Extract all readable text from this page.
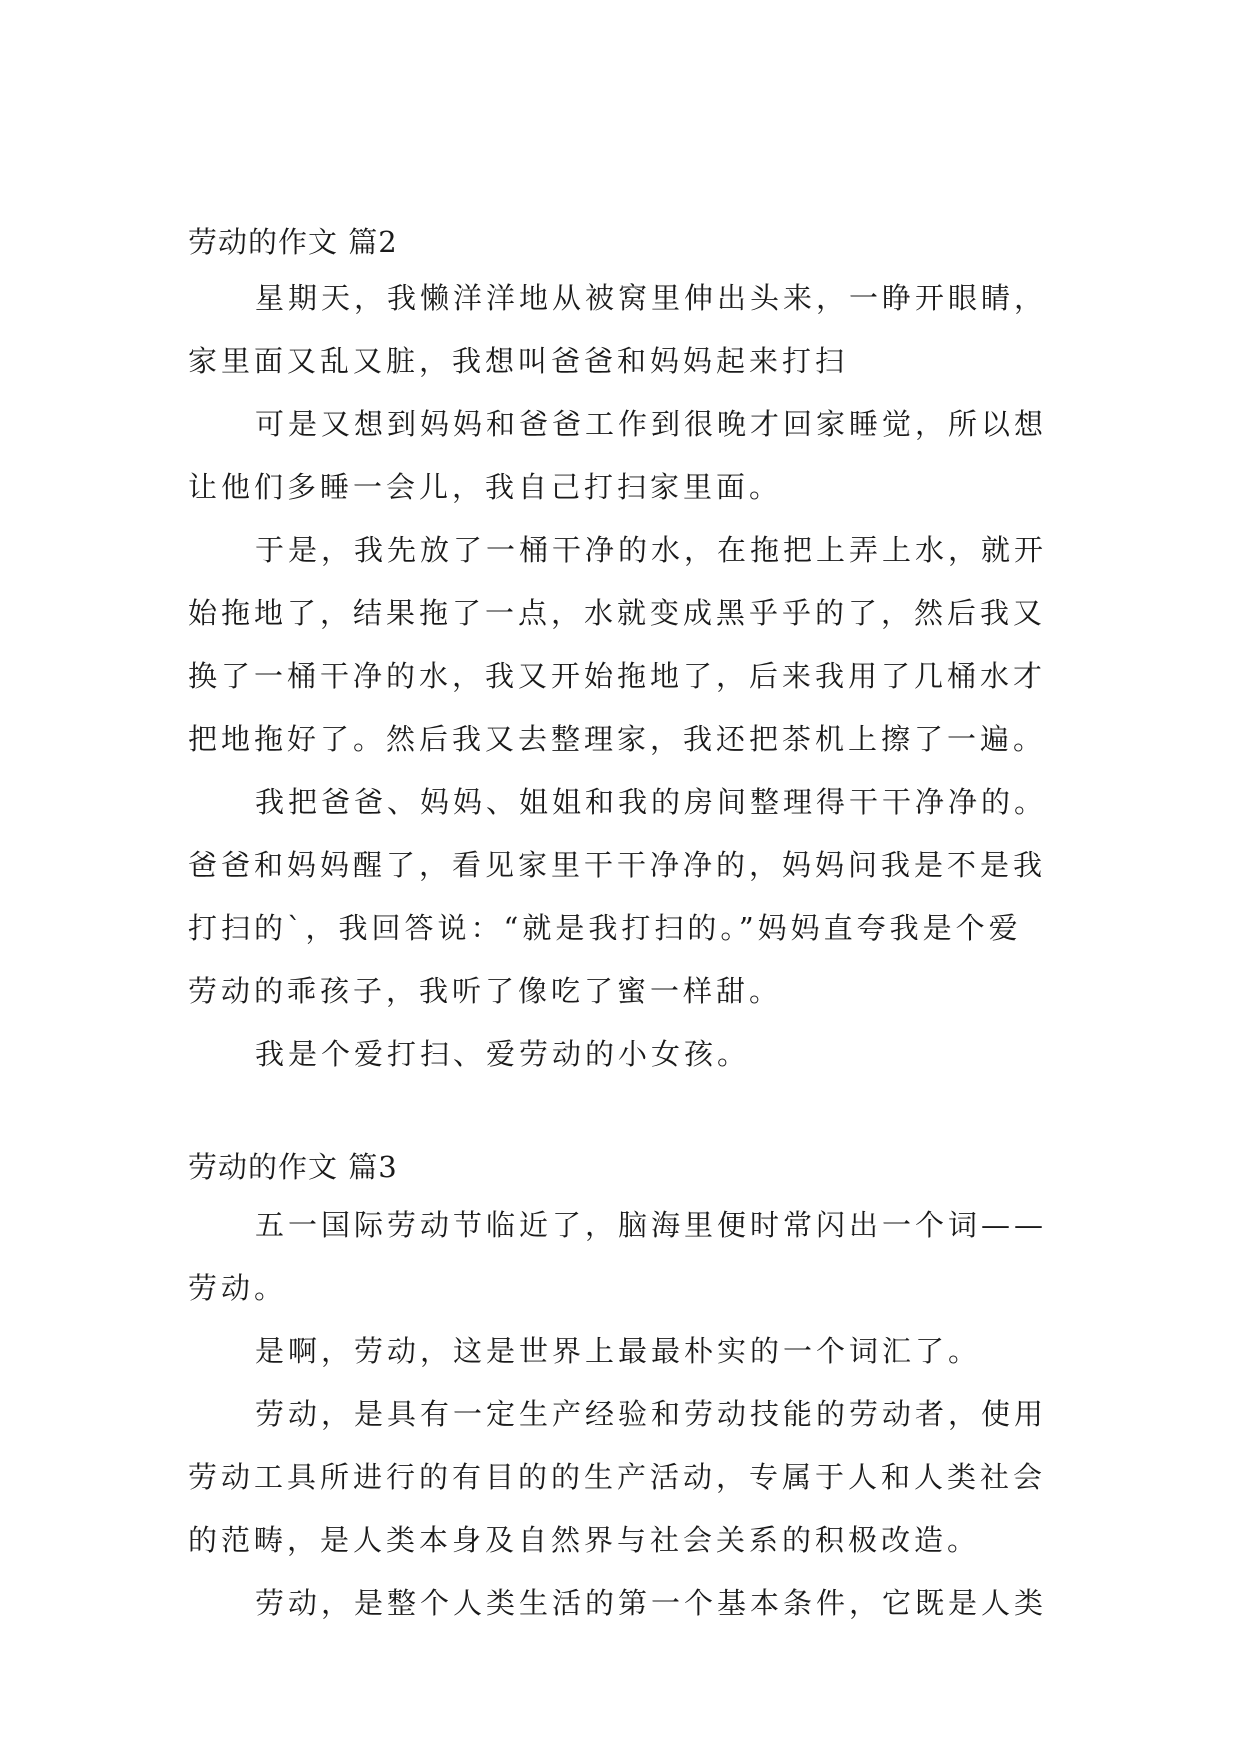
劳动的作文 篇2
星期天，我懒洋洋地从被窝里伸出头来，一睁开眼睛，
家里面又乱又脏，我想叫爸爸和妈妈起来打扫
可是又想到妈妈和爸爸工作到很晚才回家睡觉，所以想
让他们多睡一会儿，我自己打扫家里面。
于是，我先放了一桶干净的水，在拖把上弄上水，就开
始拖地了，结果拖了一点，水就变成黑乎乎的了，然后我又
换了一桶干净的水，我又开始拖地了，后来我用了几桶水才
把地拖好了。然后我又去整理家，我还把茶机上擦了一遍。
我把爸爸、妈妈、姐姐和我的房间整理得干干净净的。
爸爸和妈妈醒了，看见家里干干净净的，妈妈问我是不是我
打扫的`，我回答说：“就是我打扫的。”妈妈直夸我是个爱
劳动的乖孩子，我听了像吃了蜜一样甜。
我是个爱打扫、爱劳动的小女孩。
劳动的作文 篇3
五一国际劳动节临近了，脑海里便时常闪出一个词——
劳动。
是啊，劳动，这是世界上最最朴实的一个词汇了。
劳动，是具有一定生产经验和劳动技能的劳动者，使用
劳动工具所进行的有目的的生产活动，专属于人和人类社会
的范畴，是人类本身及自然界与社会关系的积极改造。
劳动，是整个人类生活的第一个基本条件，它既是人类
